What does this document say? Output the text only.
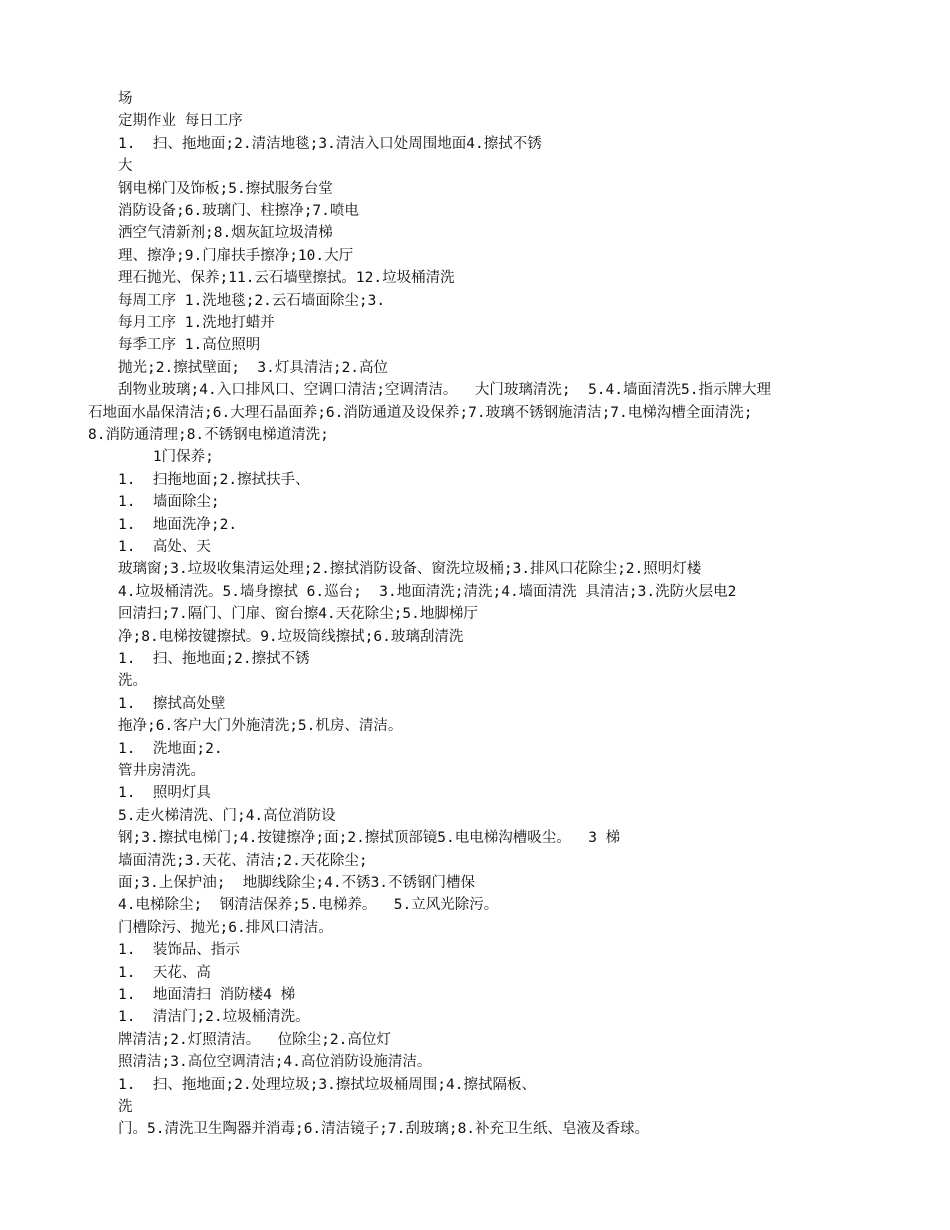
场
定期作业 每日工序
1.  扫、拖地面;2.清洁地毯;3.清洁入口处周围地面4.擦拭不锈
大
钢电梯门及饰板;5.擦拭服务台堂
消防设备;6.玻璃门、柱擦净;7.喷电
洒空气清新剂;8.烟灰缸垃圾清梯
理、擦净;9.门扉扶手擦净;10.大厅
理石抛光、保养;11.云石墙壁擦拭。12.垃圾桶清洗
每周工序 1.洗地毯;2.云石墙面除尘;3.
每月工序 1.洗地打蜡并
每季工序 1.高位照明
抛光;2.擦拭壁面;  3.灯具清洁;2.高位
刮物业玻璃;4.入口排风口、空调口清洁;空调清洁。  大门玻璃清洗;  5.4.墙面清洗5.指示牌大理
石地面水晶保清洁;6.大理石晶面养;6.消防通道及设保养;7.玻璃不锈钢施清洁;7.电梯沟槽全面清洗;
8.消防通清理;8.不锈钢电梯道清洗;
1门保养;
1.  扫拖地面;2.擦拭扶手、
1.  墙面除尘;
1.  地面洗净;2.
1.  高处、天
玻璃窗;3.垃圾收集清运处理;2.擦拭消防设备、窗洗垃圾桶;3.排风口花除尘;2.照明灯楼
4.垃圾桶清洗。5.墙身擦拭 6.巡台;  3.地面清洗;清洗;4.墙面清洗 具清洁;3.洗防火层电2
回清扫;7.隔门、门扉、窗台擦4.天花除尘;5.地脚梯厅
净;8.电梯按键擦拭。9.垃圾筒线擦拭;6.玻璃刮清洗
1.  扫、拖地面;2.擦拭不锈
洗。
1.  擦拭高处壁
拖净;6.客户大门外施清洗;5.机房、清洁。
1.  洗地面;2.
管井房清洗。
1.  照明灯具
5.走火梯清洗、门;4.高位消防设
钢;3.擦拭电梯门;4.按键擦净;面;2.擦拭顶部镜5.电电梯沟槽吸尘。  3 梯
墙面清洗;3.天花、清洁;2.天花除尘;
面;3.上保护油;  地脚线除尘;4.不锈3.不锈钢门槽保
4.电梯除尘;  钢清洁保养;5.电梯养。  5.立风光除污。
门槽除污、抛光;6.排风口清洁。
1.  装饰品、指示
1.  天花、高
1.  地面清扫 消防楼4 梯
1.  清洁门;2.垃圾桶清洗。
牌清洁;2.灯照清洁。  位除尘;2.高位灯
照清洁;3.高位空调清洁;4.高位消防设施清洁。
1.  扫、拖地面;2.处理垃圾;3.擦拭垃圾桶周围;4.擦拭隔板、
洗
门。5.清洗卫生陶器并消毒;6.清洁镜子;7.刮玻璃;8.补充卫生纸、皂液及香球。
